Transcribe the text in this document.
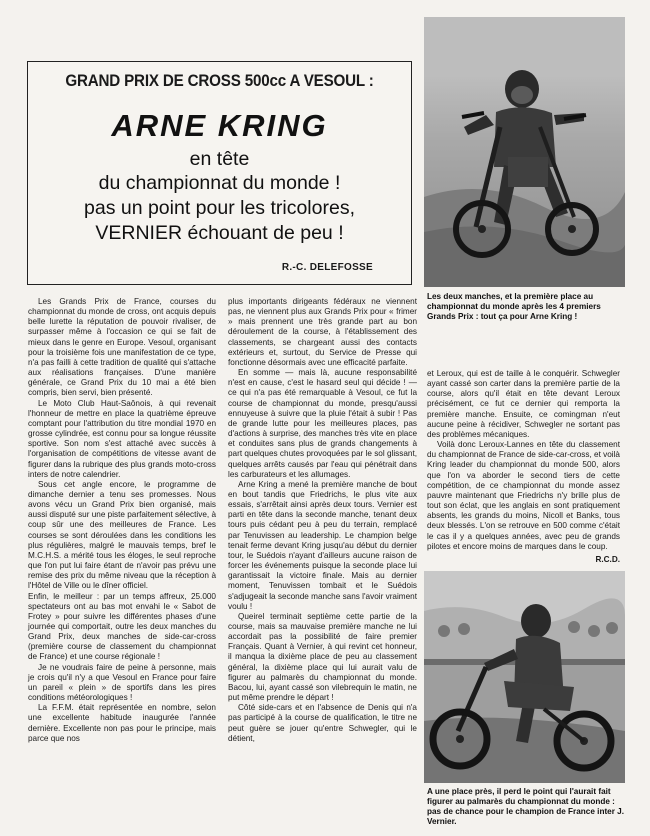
GRAND PRIX DE CROSS 500cc A VESOUL :
ARNE KRING
en tête
du championnat du monde !
pas un point pour les tricolores,
VERNIER échouant de peu !
R.-C. DELEFOSSE
Les deux manches, et la première place au championnat du monde après les 4 premiers Grands Prix : tout ça pour Arne Kring !
A une place près, il perd le point qui l'aurait fait figurer au palmarès du championnat du monde : pas de chance pour le champion de France inter J. Vernier.

Les Grands Prix de France, courses du championnat du monde de cross, ont acquis depuis belle lurette la réputation de pouvoir rivaliser, de surpasser même à l'occasion ce qui se fait de mieux dans le genre en Europe. Vesoul, organisant pour la troisième fois une manifestation de ce type, n'a pas failli à cette tradition de qualité qui s'attache aux réalisations françaises. D'une manière générale, ce Grand Prix du 10 mai a été bien compris, bien servi, bien présenté.

Le Moto Club Haut-Saônois, à qui revenait l'honneur de mettre en place la quatrième épreuve comptant pour l'attribution du titre mondial 1970 en grosse cylindrée, est connu pour sa longue réussite sportive. Son nom s'est attaché avec succès à l'organisation de compétitions de vitesse avant de figurer dans la rubrique des plus grands moto-cross inters de notre calendrier.

Sous cet angle encore, le programme de dimanche dernier a tenu ses promesses. Nous avons vécu un Grand Prix bien organisé, mais aussi disputé sur une piste parfaitement sélective, à coup sûr une des meilleures de France. Les courses se sont déroulées dans les conditions les plus régulières, malgré le mauvais temps, bref le M.C.H.S. a mérité tous les éloges, le seul reproche que l'on put lui faire étant de n'avoir pas prévu une remise des prix du même niveau que la réception à l'Hôtel de Ville ou le dîner officiel.

Enfin, le meilleur : par un temps affreux, 25.000 spectateurs ont au bas mot envahi le « Sabot de Frotey » pour suivre les différentes phases d'une journée qui comportait, outre les deux manches du Grand Prix, deux manches de side-car-cross (première course de classement du championnat de France) et une course régionale !

Je ne voudrais faire de peine à personne, mais je crois qu'il n'y a que Vesoul en France pour faire un pareil « plein » de sportifs dans les pires conditions météorologiques !

La F.F.M. était représentée en nombre, selon une excellente habitude inaugurée l'année dernière. Excellente non pas pour le principe, mais parce que nos

plus importants dirigeants fédéraux ne viennent pas, ne viennent plus aux Grands Prix pour « frimer » mais prennent une très grande part au bon déroulement de la course, à l'établissement des classements, se chargeant aussi des contacts extérieurs et, surtout, du Service de Presse qui fonctionne désormais avec une efficacité parfaite.

En somme — mais là, aucune responsabilité n'est en cause, c'est le hasard seul qui décide ! — ce qui n'a pas été remarquable à Vesoul, ce fut la course de championnat du monde, presqu'aussi ennuyeuse à suivre que la pluie l'était à subir ! Pas de grande lutte pour les meilleures places, pas d'actions à surprise, des manches très vite en place et conduites sans plus de grands changements à part quelques chutes provoquées par le sol glissant, quelques arrêts causés par l'eau qui pénétrait dans les carburateurs et les allumages.

Arne Kring a mené la première manche de bout en bout tandis que Friedrichs, le plus vite aux essais, s'arrêtait ainsi après deux tours. Vernier est parti en tête dans la seconde manche, tenant deux tours puis cédant peu à peu du terrain, remplacé par Tenuvissen au leadership. Le champion belge tenait ferme devant Kring jusqu'au début du dernier tour, le Suédois n'ayant d'ailleurs aucune raison de forcer les événements puisque la seconde place lui garantissait la victoire finale. Mais au dernier moment, Tenuvissen tombait et le Suédois s'adjugeait la seconde manche sans l'avoir vraiment voulu !

Queirel terminait septième cette partie de la course, mais sa mauvaise première manche ne lui accordait pas la possibilité de faire premier Français. Quant à Vernier, à qui revint cet honneur, il manqua la dixième place de peu au classement général, la dixième place qui lui aurait valu de figurer au palmarès du championnat du monde. Bacou, lui, ayant cassé son vilebrequin le matin, ne put même prendre le départ !

Côté side-cars et en l'absence de Denis qui n'a pas participé à la course de qualification, le titre ne peut guère se jouer qu'entre Schwegler, qui le détient,

et Leroux, qui est de taille à le conquérir. Schwegler ayant cassé son carter dans la première partie de la course, alors qu'il était en tête devant Leroux précisément, ce fut ce dernier qui remporta la première manche. Ensuite, ce comingman n'eut aucune peine à récidiver, Schwegler ne sortant pas des problèmes mécaniques.

Voilà donc Leroux-Lannes en tête du classement du championnat de France de side-car-cross, et voilà Kring leader du championnat du monde 500, alors que l'on va aborder le second tiers de cette compétition, de ce championnat du monde assez pauvre maintenant que Friedrichs n'y brille plus de tout son éclat, que les anglais en sont pratiquement absents, les grands du moins, Nicoll et Banks, tous deux blessés. L'on se retrouve en 500 comme c'était le cas il y a quelques années, avec peu de grands pilotes et encore moins de marques dans le coup.

R.C.D.
